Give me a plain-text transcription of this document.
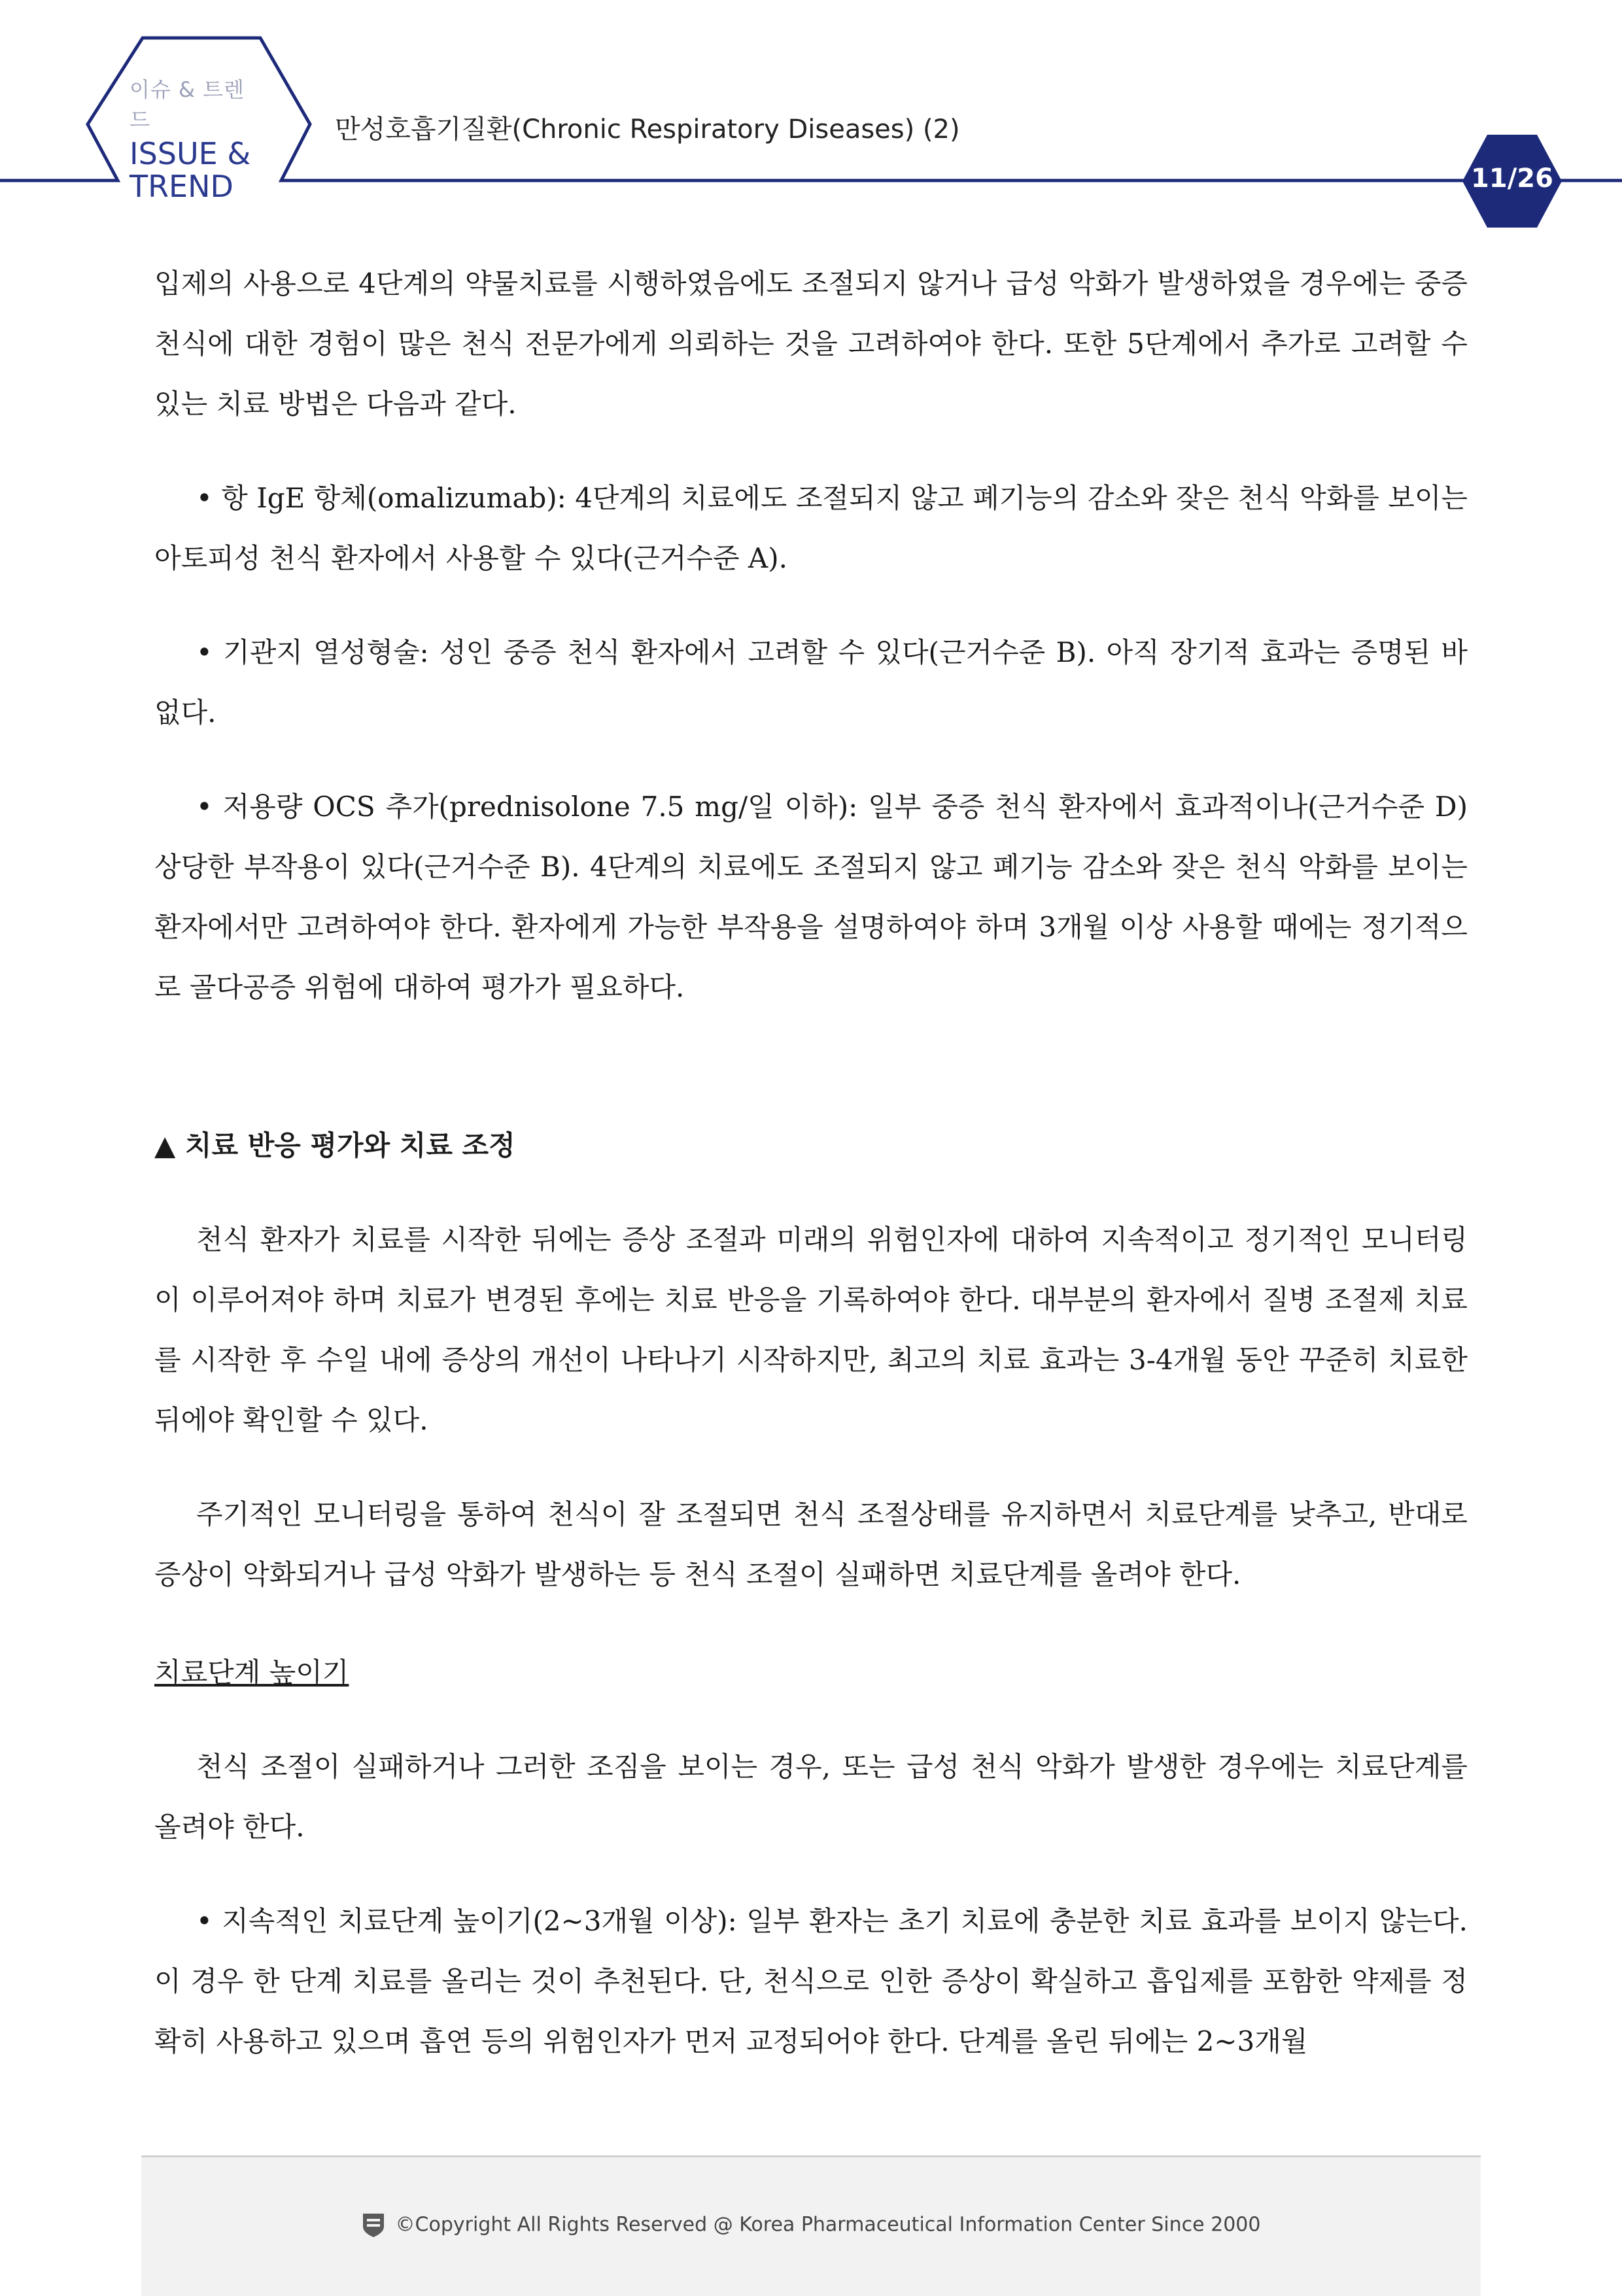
이슈 & 트렌드
ISSUE &
TREND
만성호흡기질환(Chronic Respiratory Diseases) (2)
11/26

입제의 사용으로 4단계의 약물치료를 시행하였음에도 조절되지 않거나 급성 악화가 발생하였을 경우에는 중증 천식에 대한 경험이 많은 천식 전문가에게 의뢰하는 것을 고려하여야 한다. 또한 5단계에서 추가로 고려할 수 있는 치료 방법은 다음과 같다.

• 항 IgE 항체(omalizumab): 4단계의 치료에도 조절되지 않고 폐기능의 감소와 잦은 천식 악화를 보이는 아토피성 천식 환자에서 사용할 수 있다(근거수준 A).

• 기관지 열성형술: 성인 중증 천식 환자에서 고려할 수 있다(근거수준 B). 아직 장기적 효과는 증명된 바 없다.

• 저용량 OCS 추가(prednisolone 7.5 mg/일 이하): 일부 중증 천식 환자에서 효과적이나(근거수준 D) 상당한 부작용이 있다(근거수준 B). 4단계의 치료에도 조절되지 않고 폐기능 감소와 잦은 천식 악화를 보이는 환자에서만 고려하여야 한다. 환자에게 가능한 부작용을 설명하여야 하며 3개월 이상 사용할 때에는 정기적으로 골다공증 위험에 대하여 평가가 필요하다.

▲ 치료 반응 평가와 치료 조정

천식 환자가 치료를 시작한 뒤에는 증상 조절과 미래의 위험인자에 대하여 지속적이고 정기적인 모니터링이 이루어져야 하며 치료가 변경된 후에는 치료 반응을 기록하여야 한다. 대부분의 환자에서 질병 조절제 치료를 시작한 후 수일 내에 증상의 개선이 나타나기 시작하지만, 최고의 치료 효과는 3-4개월 동안 꾸준히 치료한 뒤에야 확인할 수 있다.

주기적인 모니터링을 통하여 천식이 잘 조절되면 천식 조절상태를 유지하면서 치료단계를 낮추고, 반대로 증상이 악화되거나 급성 악화가 발생하는 등 천식 조절이 실패하면 치료단계를 올려야 한다.

치료단계 높이기

천식 조절이 실패하거나 그러한 조짐을 보이는 경우, 또는 급성 천식 악화가 발생한 경우에는 치료단계를 올려야 한다.

• 지속적인 치료단계 높이기(2~3개월 이상): 일부 환자는 초기 치료에 충분한 치료 효과를 보이지 않는다. 이 경우 한 단계 치료를 올리는 것이 추천된다. 단, 천식으로 인한 증상이 확실하고 흡입제를 포함한 약제를 정확히 사용하고 있으며 흡연 등의 위험인자가 먼저 교정되어야 한다. 단계를 올린 뒤에는 2~3개월

©Copyright All Rights Reserved @ Korea Pharmaceutical Information Center Since 2000
